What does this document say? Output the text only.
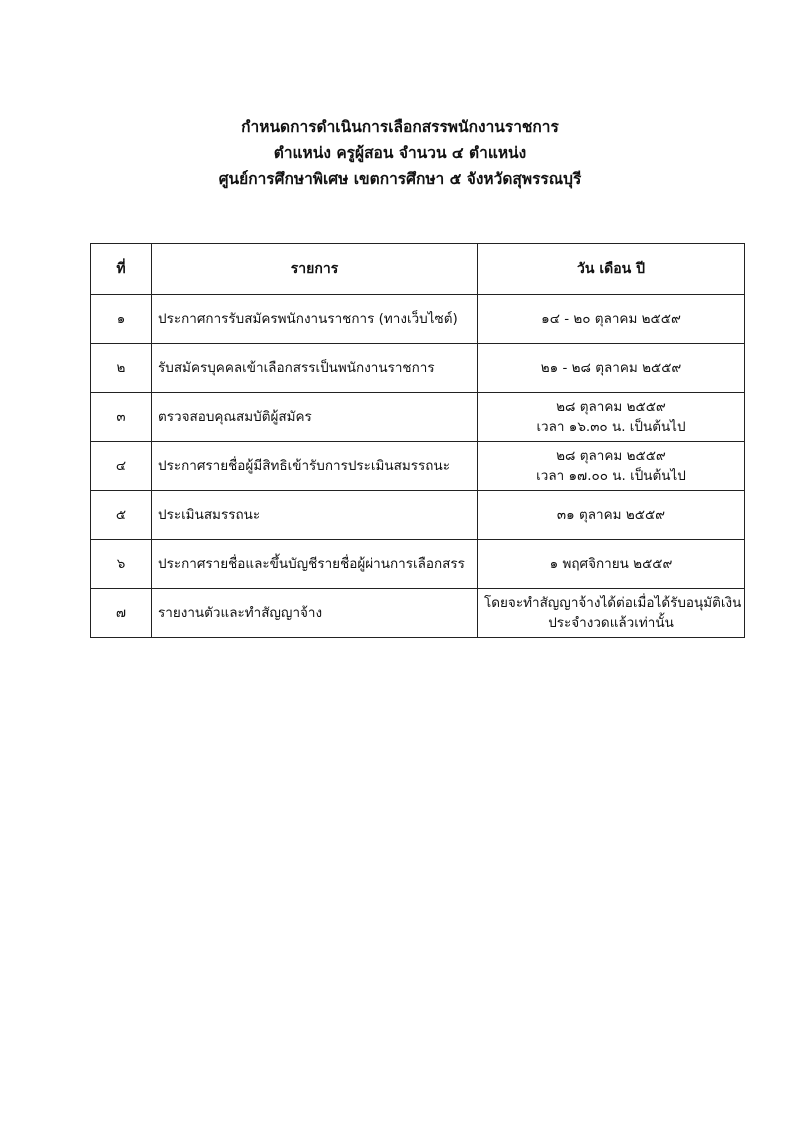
กำหนดการดำเนินการเลือกสรรพนักงานราชการ
ตำแหน่ง ครูผู้สอน จำนวน ๔ ตำแหน่ง
ศูนย์การศึกษาพิเศษ เขตการศึกษา ๕ จังหวัดสุพรรณบุรี
ที่	รายการ	วัน เดือน ปี
๑	ประกาศการรับสมัครพนักงานราชการ (ทางเว็บไซต์)	๑๔ - ๒๐ ตุลาคม ๒๕๕๙

๒	รับสมัครบุคคลเข้าเลือกสรรเป็นพนักงานราชการ	๒๑ - ๒๘ ตุลาคม ๒๕๕๙

๓	ตรวจสอบคุณสมบัติผู้สมัคร	๒๘ ตุลาคม ๒๕๕๙
เวลา ๑๖.๓๐ น. เป็นต้นไป

๔	ประกาศรายชื่อผู้มีสิทธิเข้ารับการประเมินสมรรถนะ	๒๘ ตุลาคม ๒๕๕๙
เวลา ๑๗.๐๐ น. เป็นต้นไป

๕	ประเมินสมรรถนะ	๓๑ ตุลาคม ๒๕๕๙

๖	ประกาศรายชื่อและขึ้นบัญชีรายชื่อผู้ผ่านการเลือกสรร	๑ พฤศจิกายน ๒๕๕๙

๗	รายงานตัวและทำสัญญาจ้าง	โดยจะทำสัญญาจ้างได้ต่อเมื่อได้รับอนุมัติเงิน
ประจำงวดแล้วเท่านั้น
